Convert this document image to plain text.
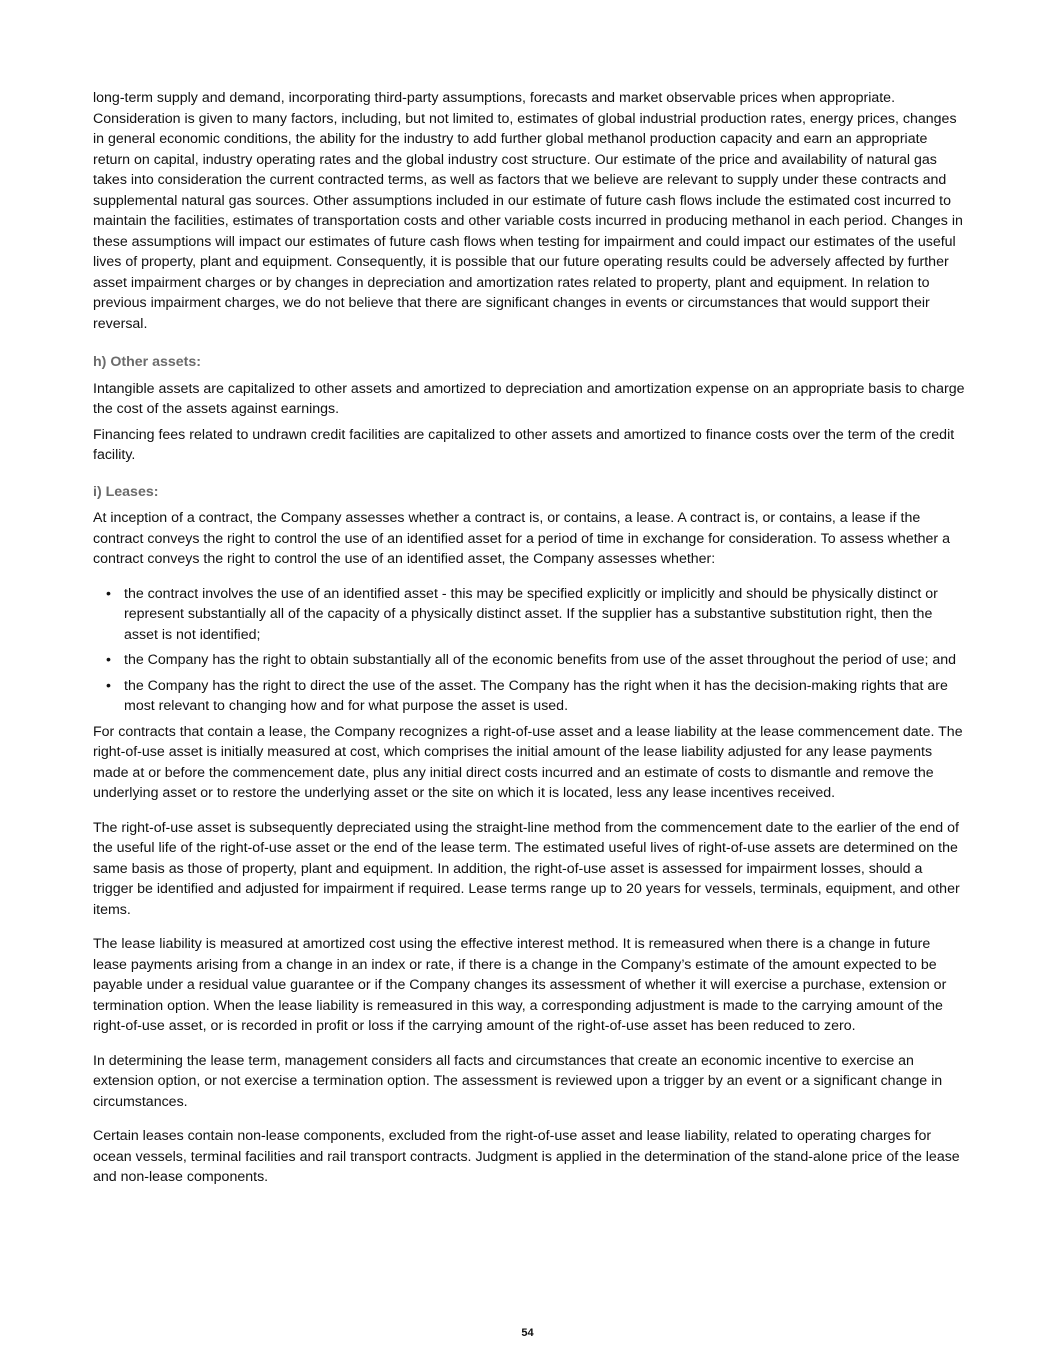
long-term supply and demand, incorporating third-party assumptions, forecasts and market observable prices when appropriate. Consideration is given to many factors, including, but not limited to, estimates of global industrial production rates, energy prices, changes in general economic conditions, the ability for the industry to add further global methanol production capacity and earn an appropriate return on capital, industry operating rates and the global industry cost structure. Our estimate of the price and availability of natural gas takes into consideration the current contracted terms, as well as factors that we believe are relevant to supply under these contracts and supplemental natural gas sources. Other assumptions included in our estimate of future cash flows include the estimated cost incurred to maintain the facilities, estimates of transportation costs and other variable costs incurred in producing methanol in each period. Changes in these assumptions will impact our estimates of future cash flows when testing for impairment and could impact our estimates of the useful lives of property, plant and equipment. Consequently, it is possible that our future operating results could be adversely affected by further asset impairment charges or by changes in depreciation and amortization rates related to property, plant and equipment. In relation to previous impairment charges, we do not believe that there are significant changes in events or circumstances that would support their reversal.

h) Other assets:

Intangible assets are capitalized to other assets and amortized to depreciation and amortization expense on an appropriate basis to charge the cost of the assets against earnings.

Financing fees related to undrawn credit facilities are capitalized to other assets and amortized to finance costs over the term of the credit facility.

i) Leases:

At inception of a contract, the Company assesses whether a contract is, or contains, a lease. A contract is, or contains, a lease if the contract conveys the right to control the use of an identified asset for a period of time in exchange for consideration. To assess whether a contract conveys the right to control the use of an identified asset, the Company assesses whether:

• the contract involves the use of an identified asset - this may be specified explicitly or implicitly and should be physically distinct or represent substantially all of the capacity of a physically distinct asset. If the supplier has a substantive substitution right, then the asset is not identified;
• the Company has the right to obtain substantially all of the economic benefits from use of the asset throughout the period of use; and
• the Company has the right to direct the use of the asset. The Company has the right when it has the decision-making rights that are most relevant to changing how and for what purpose the asset is used.

For contracts that contain a lease, the Company recognizes a right-of-use asset and a lease liability at the lease commencement date. The right-of-use asset is initially measured at cost, which comprises the initial amount of the lease liability adjusted for any lease payments made at or before the commencement date, plus any initial direct costs incurred and an estimate of costs to dismantle and remove the underlying asset or to restore the underlying asset or the site on which it is located, less any lease incentives received.

The right-of-use asset is subsequently depreciated using the straight-line method from the commencement date to the earlier of the end of the useful life of the right-of-use asset or the end of the lease term. The estimated useful lives of right-of-use assets are determined on the same basis as those of property, plant and equipment. In addition, the right-of-use asset is assessed for impairment losses, should a trigger be identified and adjusted for impairment if required. Lease terms range up to 20 years for vessels, terminals, equipment, and other items.

The lease liability is measured at amortized cost using the effective interest method. It is remeasured when there is a change in future lease payments arising from a change in an index or rate, if there is a change in the Company’s estimate of the amount expected to be payable under a residual value guarantee or if the Company changes its assessment of whether it will exercise a purchase, extension or termination option. When the lease liability is remeasured in this way, a corresponding adjustment is made to the carrying amount of the right-of-use asset, or is recorded in profit or loss if the carrying amount of the right-of-use asset has been reduced to zero.

In determining the lease term, management considers all facts and circumstances that create an economic incentive to exercise an extension option, or not exercise a termination option. The assessment is reviewed upon a trigger by an event or a significant change in circumstances.

Certain leases contain non-lease components, excluded from the right-of-use asset and lease liability, related to operating charges for ocean vessels, terminal facilities and rail transport contracts. Judgment is applied in the determination of the stand-alone price of the lease and non-lease components.

54
